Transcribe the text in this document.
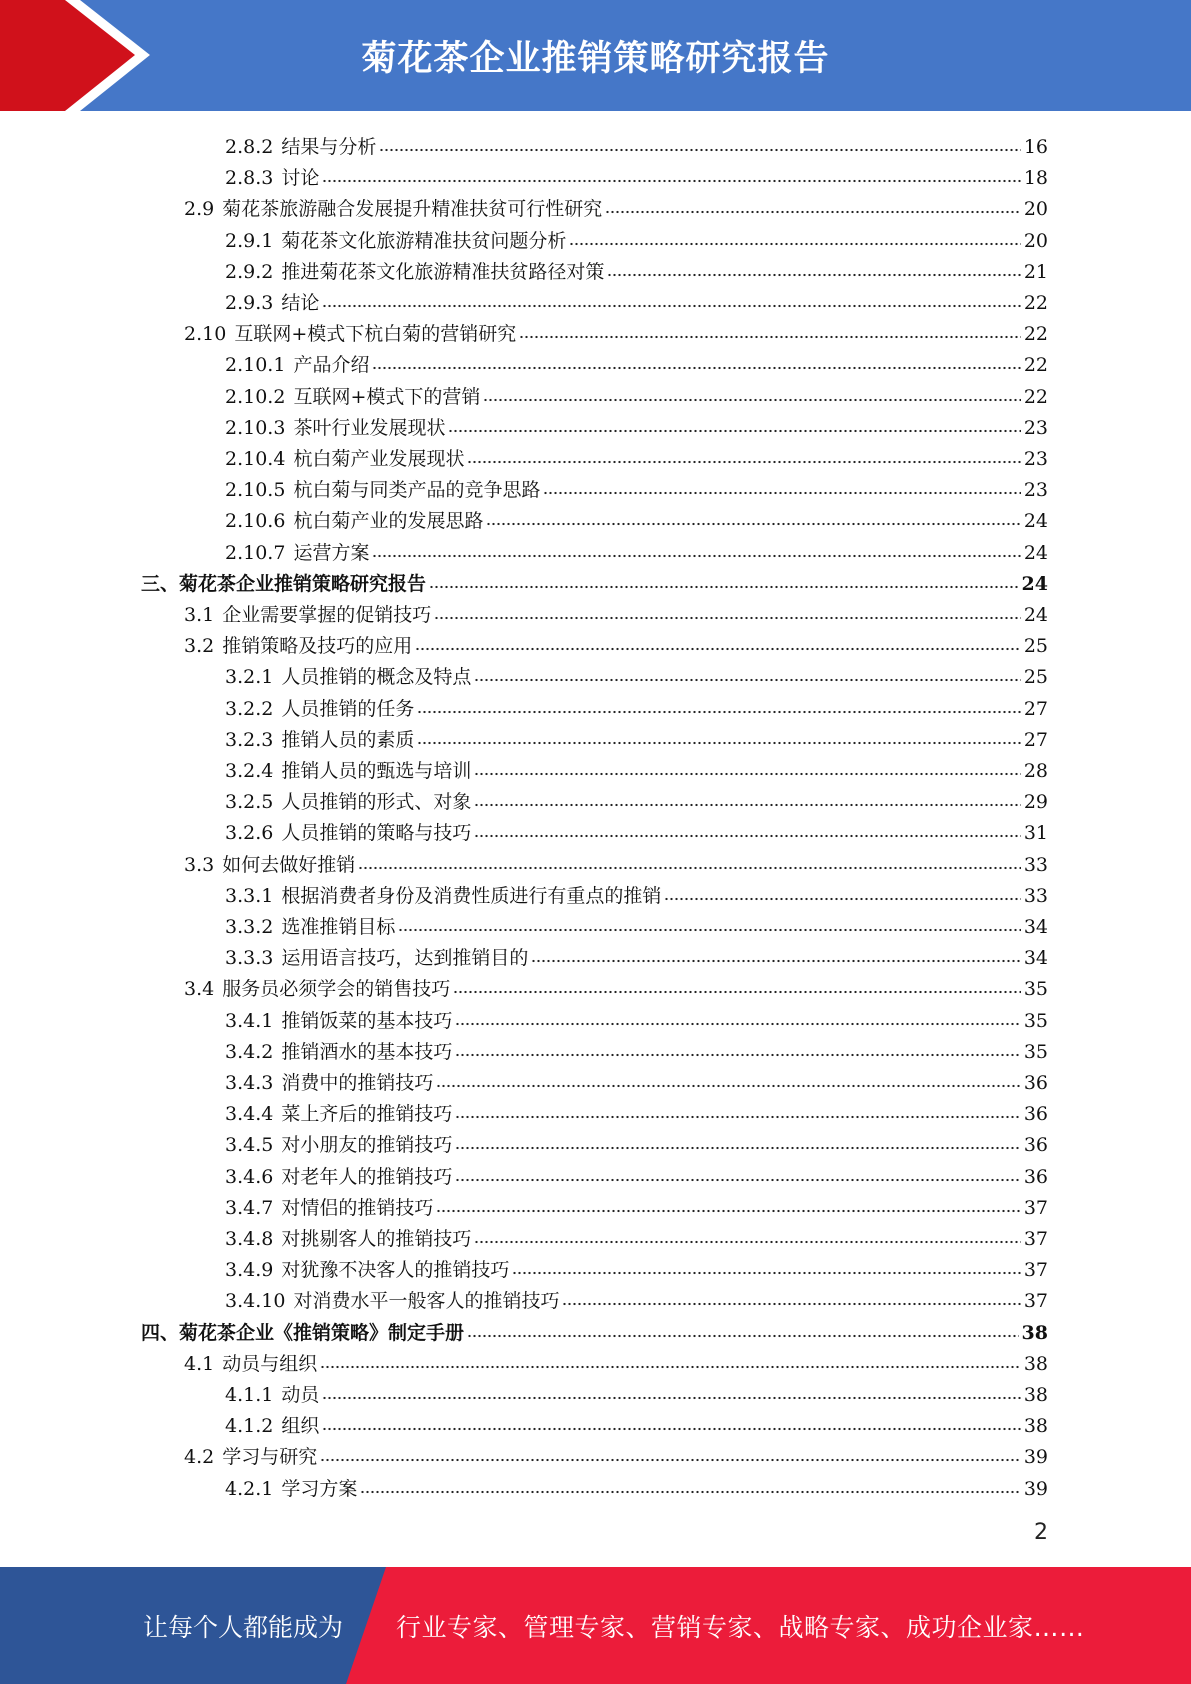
菊花茶企业推销策略研究报告
2.8.2 结果与分析	16
2.8.3 讨论	18
2.9 菊花茶旅游融合发展提升精准扶贫可行性研究	20
2.9.1 菊花茶文化旅游精准扶贫问题分析	20
2.9.2 推进菊花茶文化旅游精准扶贫路径对策	21
2.9.3 结论	22
2.10 互联网+模式下杭白菊的营销研究	22
2.10.1 产品介绍	22
2.10.2 互联网+模式下的营销	22
2.10.3 茶叶行业发展现状	23
2.10.4 杭白菊产业发展现状	23
2.10.5 杭白菊与同类产品的竞争思路	23
2.10.6 杭白菊产业的发展思路	24
2.10.7 运营方案	24
三、菊花茶企业推销策略研究报告	24
3.1 企业需要掌握的促销技巧	24
3.2 推销策略及技巧的应用	25
3.2.1 人员推销的概念及特点	25
3.2.2 人员推销的任务	27
3.2.3 推销人员的素质	27
3.2.4 推销人员的甄选与培训	28
3.2.5 人员推销的形式、对象	29
3.2.6 人员推销的策略与技巧	31
3.3 如何去做好推销	33
3.3.1 根据消费者身份及消费性质进行有重点的推销	33
3.3.2 选准推销目标	34
3.3.3 运用语言技巧，达到推销目的	34
3.4 服务员必须学会的销售技巧	35
3.4.1 推销饭菜的基本技巧	35
3.4.2 推销酒水的基本技巧	35
3.4.3 消费中的推销技巧	36
3.4.4 菜上齐后的推销技巧	36
3.4.5 对小朋友的推销技巧	36
3.4.6 对老年人的推销技巧	36
3.4.7 对情侣的推销技巧	37
3.4.8 对挑剔客人的推销技巧	37
3.4.9 对犹豫不决客人的推销技巧	37
3.4.10 对消费水平一般客人的推销技巧	37
四、菊花茶企业《推销策略》制定手册	38
4.1 动员与组织	38
4.1.1 动员	38
4.1.2 组织	38
4.2 学习与研究	39
4.2.1 学习方案	39
2
让每个人都能成为 行业专家、管理专家、营销专家、战略专家、成功企业家……
